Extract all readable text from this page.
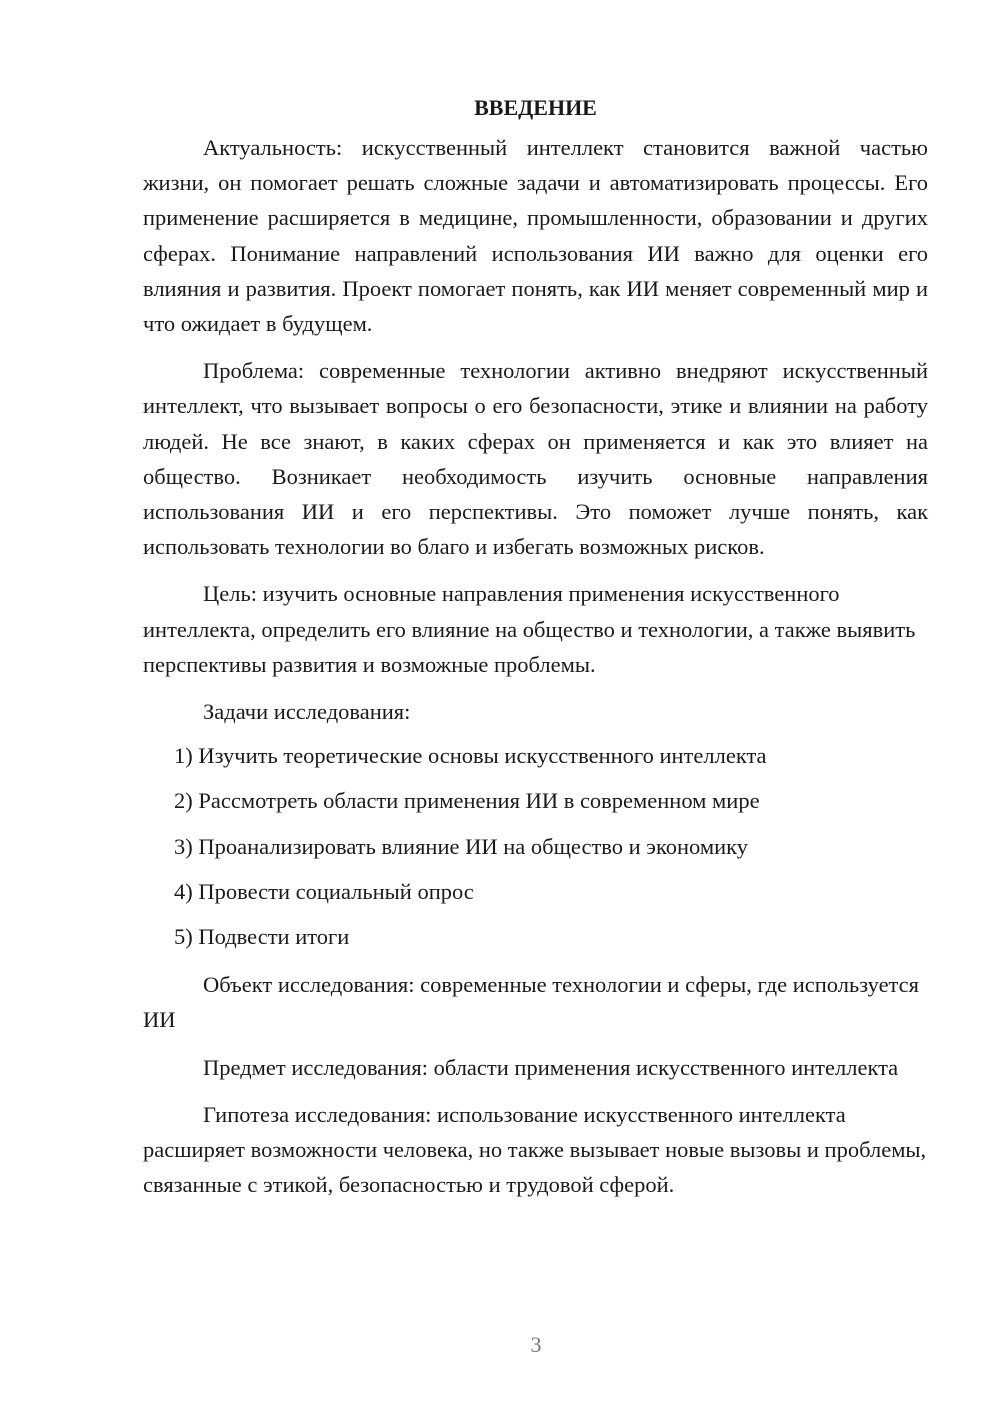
ВВЕДЕНИЕ

Актуальность: искусственный интеллект становится важной частью жизни, он помогает решать сложные задачи и автоматизировать процессы. Его применение расширяется в медицине, промышленности, образовании и других сферах. Понимание направлений использования ИИ важно для оценки его влияния и развития. Проект помогает понять, как ИИ меняет современный мир и что ожидает в будущем.

Проблема: современные технологии активно внедряют искусственный интеллект, что вызывает вопросы о его безопасности, этике и влиянии на работу людей. Не все знают, в каких сферах он применяется и как это влияет на общество. Возникает необходимость изучить основные направления использования ИИ и его перспективы. Это поможет лучше понять, как использовать технологии во благо и избегать возможных рисков.

Цель: изучить основные направления применения искусственного интеллекта, определить его влияние на общество и технологии, а также выявить перспективы развития и возможные проблемы.

Задачи исследования:

1) Изучить теоретические основы искусственного интеллекта

2) Рассмотреть области применения ИИ в современном мире

3) Проанализировать влияние ИИ на общество и экономику

4) Провести социальный опрос

5) Подвести итоги

Объект исследования: современные технологии и сферы, где используется ИИ

Предмет исследования: области применения искусственного интеллекта

Гипотеза исследования: использование искусственного интеллекта расширяет возможности человека, но также вызывает новые вызовы и проблемы, связанные с этикой, безопасностью и трудовой сферой.

3
